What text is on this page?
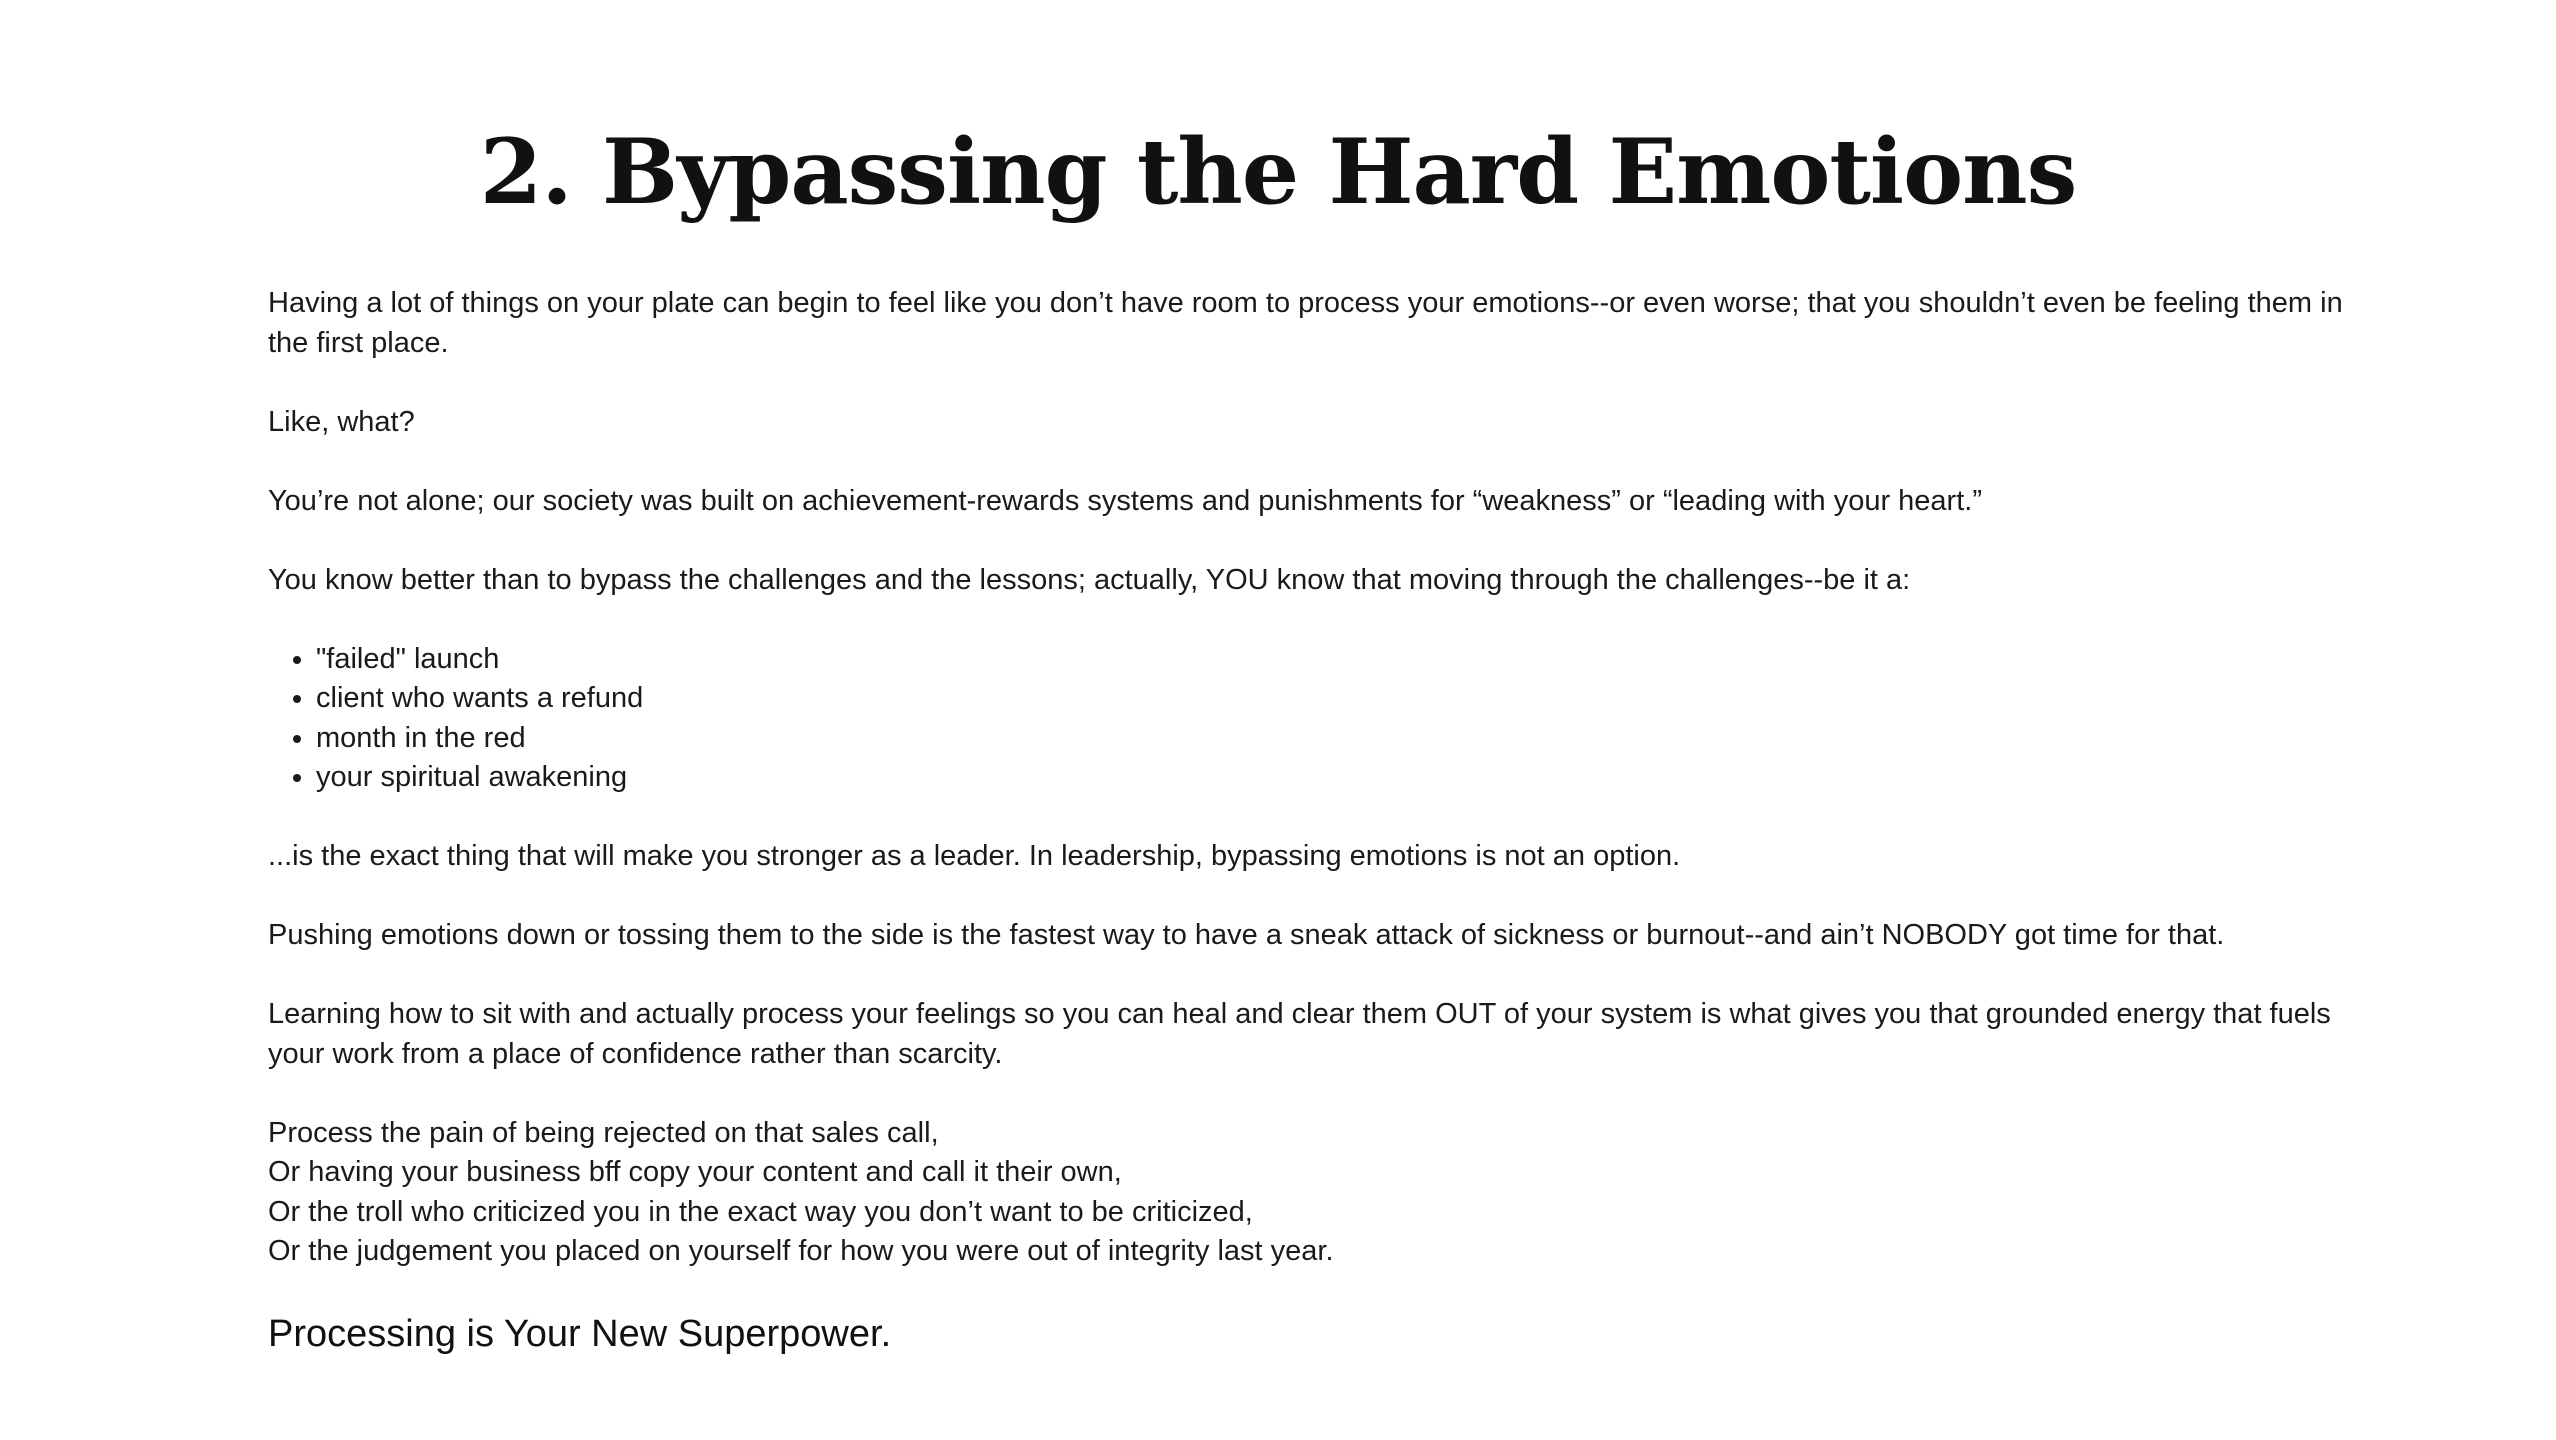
2. Bypassing the Hard Emotions

Having a lot of things on your plate can begin to feel like you don’t have room to process your emotions--or even worse; that you shouldn’t even be feeling them in the first place.

Like, what?

You’re not alone; our society was built on achievement-rewards systems and punishments for “weakness” or “leading with your heart.”

You know better than to bypass the challenges and the lessons; actually, YOU know that moving through the challenges--be it a:

• "failed" launch
• client who wants a refund
• month in the red
• your spiritual awakening

...is the exact thing that will make you stronger as a leader. In leadership, bypassing emotions is not an option.

Pushing emotions down or tossing them to the side is the fastest way to have a sneak attack of sickness or burnout--and ain’t NOBODY got time for that.

Learning how to sit with and actually process your feelings so you can heal and clear them OUT of your system is what gives you that grounded energy that fuels your work from a place of confidence rather than scarcity.

Process the pain of being rejected on that sales call,
Or having your business bff copy your content and call it their own,
Or the troll who criticized you in the exact way you don’t want to be criticized,
Or the judgement you placed on yourself for how you were out of integrity last year.
Processing is Your New Superpower.
